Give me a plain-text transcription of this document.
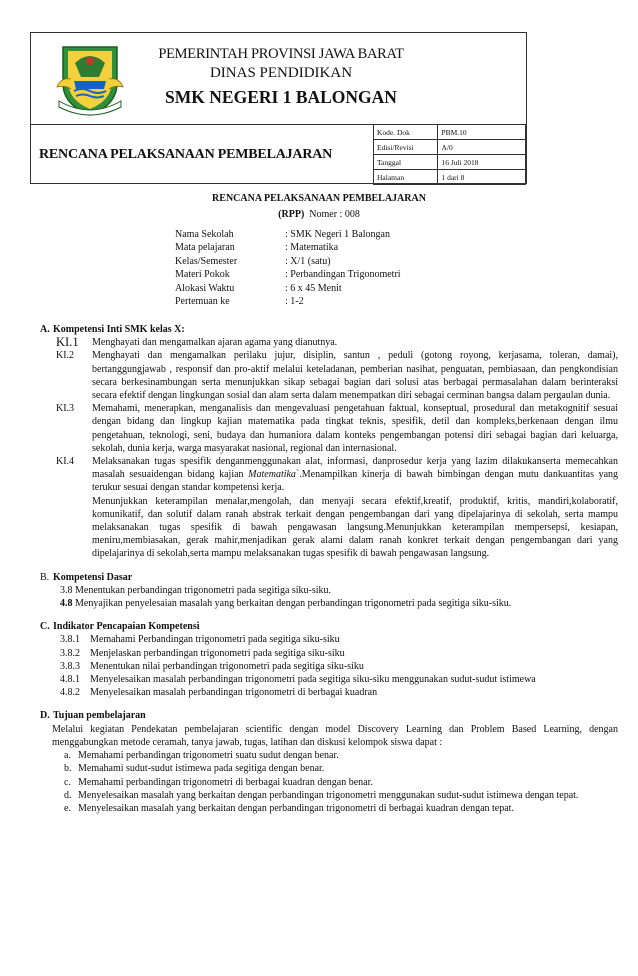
PEMERINTAH PROVINSI JAWA BARAT
DINAS PENDIDIKAN
SMK NEGERI 1 BALONGAN
RENCANA PELAKSANAAN PEMBELAJARAN
Kode. Dok	PBM.10
Edisi/Revisi	A/0
Tanggal	16 Juli 2018
Halaman	1 dari 8
RENCANA PELAKSANAAN PEMBELAJARAN
(RPP) Nomer : 008
Nama Sekolah	: SMK Negeri 1 Balongan
Mata pelajaran	: Matematika
Kelas/Semester	: X/1 (satu)
Materi Pokok	: Perbandingan Trigonometri
Alokasi Waktu	: 6 x 45 Menit
Pertemuan ke	: 1-2
A. Kompetensi Inti SMK kelas X:
KI.1 Menghayati dan mengamalkan ajaran agama yang dianutnya.
KI.2 Menghayati dan mengamalkan perilaku jujur, disiplin, santun , peduli (gotong royong, kerjasama, toleran, damai), bertanggungjawab , responsif dan pro-aktif melalui keteladanan, pemberian nasihat, penguatan, pembiasaan, dan pengkondisian secara berkesinambungan serta menunjukkan sikap sebagai bagian dari solusi atas berbagai permasalahan dalam berinteraksi secara efektif dengan lingkungan sosial dan alam serta dalam menempatkan diri sebagai cerminan bangsa dalam pergaulan dunia.
KI.3 Memahami, menerapkan, menganalisis dan mengevaluasi pengetahuan faktual, konseptual, prosedural dan metakognitif sesuai dengan bidang dan lingkup kajian matematika pada tingkat teknis, spesifik, detil dan kompleks,berkenaan dengan ilmu pengetahuan, teknologi, seni, budaya dan humaniora dalam konteks pengembangan potensi diri sebagai bagian dari keluarga, sekolah, dunia kerja, warga masyarakat nasional, regional dan internasional.
KI.4 Melaksanakan tugas spesifik denganmenggunakan alat, informasi, danprosedur kerja yang lazim dilakukanserta memecahkan masalah sesuaidengan bidang kajian Matematika`.Menampilkan kinerja di bawah bimbingan dengan mutu dankuantitas yang terukur sesuai dengan standar kompetensi kerja.
Menunjukkan keterampilan menalar,mengolah, dan menyaji secara efektif,kreatif, produktif, kritis, mandiri,kolaboratif, komunikatif, dan solutif dalam ranah abstrak terkait dengan pengembangan dari yang dipelajarinya di sekolah, serta mampu melaksanakan tugas spesifik di bawah pengawasan langsung.Menunjukkan keterampilan mempersepsi, kesiapan, meniru,membiasakan, gerak mahir,menjadikan gerak alami dalam ranah konkret terkait dengan pengembangan dari yang dipelajarinya di sekolah,serta mampu melaksanakan tugas spesifik di bawah pengawasan langsung.
B. Kompetensi Dasar
3.8 Menentukan perbandingan trigonometri pada segitiga siku-siku.
4.8 Menyajikan penyelesaian masalah yang berkaitan dengan perbandingan trigonometri pada segitiga siku-siku.
C. Indikator Pencapaian Kompetensi
3.8.1 Memahami Perbandingan trigonometri pada segitiga siku-siku
3.8.2 Menjelaskan perbandingan trigonometri pada segitiga siku-siku
3.8.3 Menentukan nilai perbandingan trigonometri pada segitiga siku-siku
4.8.1 Menyelesaikan masalah perbandingan trigonometri pada segitiga siku-siku menggunakan sudut-sudut istimewa
4.8.2 Menyelesaikan masalah perbandingan trigonometri di berbagai kuadran
D. Tujuan pembelajaran
Melalui kegiatan Pendekatan pembelajaran scientific dengan model Discovery Learning dan Problem Based Learning, dengan menggabungkan metode ceramah, tanya jawab, tugas, latihan dan diskusi kelompok siswa dapat :
a. Memahami perbandingan trigonometri suatu sudut dengan benar.
b. Memahami sudut-sudut istimewa pada segitiga dengan benar.
c. Memahami perbandingan trigonometri di berbagai kuadran dengan benar.
d. Menyelesaikan masalah yang berkaitan dengan perbandingan trigonometri menggunakan sudut-sudut istimewa dengan tepat.
e. Menyelesaikan masalah yang berkaitan dengan perbandingan trigonometri di berbagai kuadran dengan tepat.
